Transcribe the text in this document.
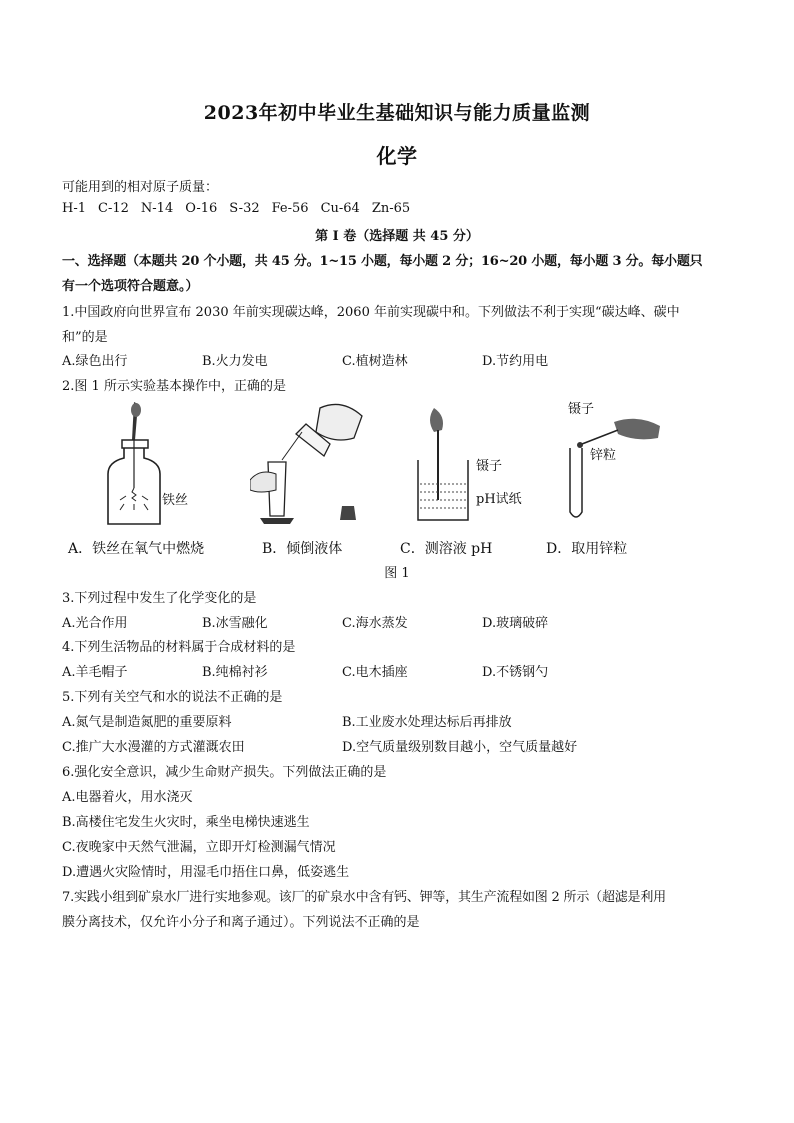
2023年初中毕业生基础知识与能力质量监测
化学
可能用到的相对原子质量：
H-1 C-12 N-14 O-16 S-32 Fe-56 Cu-64 Zn-65
第 I 卷（选择题 共 45 分）
一、选择题（本题共 20 个小题，共 45 分。1~15 小题，每小题 2 分；16~20 小题，每小题 3 分。每小题只
有一个选项符合题意。）
1.中国政府向世界宣布 2030 年前实现碳达峰，2060 年前实现碳中和。下列做法不利于实现“碳达峰、碳中
和”的是
A.绿色出行	B.火力发电	C.植树造林	D.节约用电
2.图 1 所示实验基本操作中，正确的是
铁丝
镊子
pH试纸
镊子
锌粒
A．铁丝在氧气中燃烧	B．倾倒液体	C．测溶液 pH	D．取用锌粒
图 1
3.下列过程中发生了化学变化的是
A.光合作用	B.冰雪融化	C.海水蒸发	D.玻璃破碎
4.下列生活物品的材料属于合成材料的是
A.羊毛帽子	B.纯棉衬衫	C.电木插座	D.不锈钢勺
5.下列有关空气和水的说法不正确的是
A.氮气是制造氮肥的重要原料	B.工业废水处理达标后再排放
C.推广大水漫灌的方式灌溉农田	D.空气质量级别数目越小，空气质量越好
6.强化安全意识，减少生命财产损失。下列做法正确的是
A.电器着火，用水浇灭
B.高楼住宅发生火灾时，乘坐电梯快速逃生
C.夜晚家中天然气泄漏，立即开灯检测漏气情况
D.遭遇火灾险情时，用湿毛巾捂住口鼻，低姿逃生
7.实践小组到矿泉水厂进行实地参观。该厂的矿泉水中含有钙、钾等，其生产流程如图 2 所示（超滤是利用
膜分离技术，仅允许小分子和离子通过）。下列说法不正确的是
